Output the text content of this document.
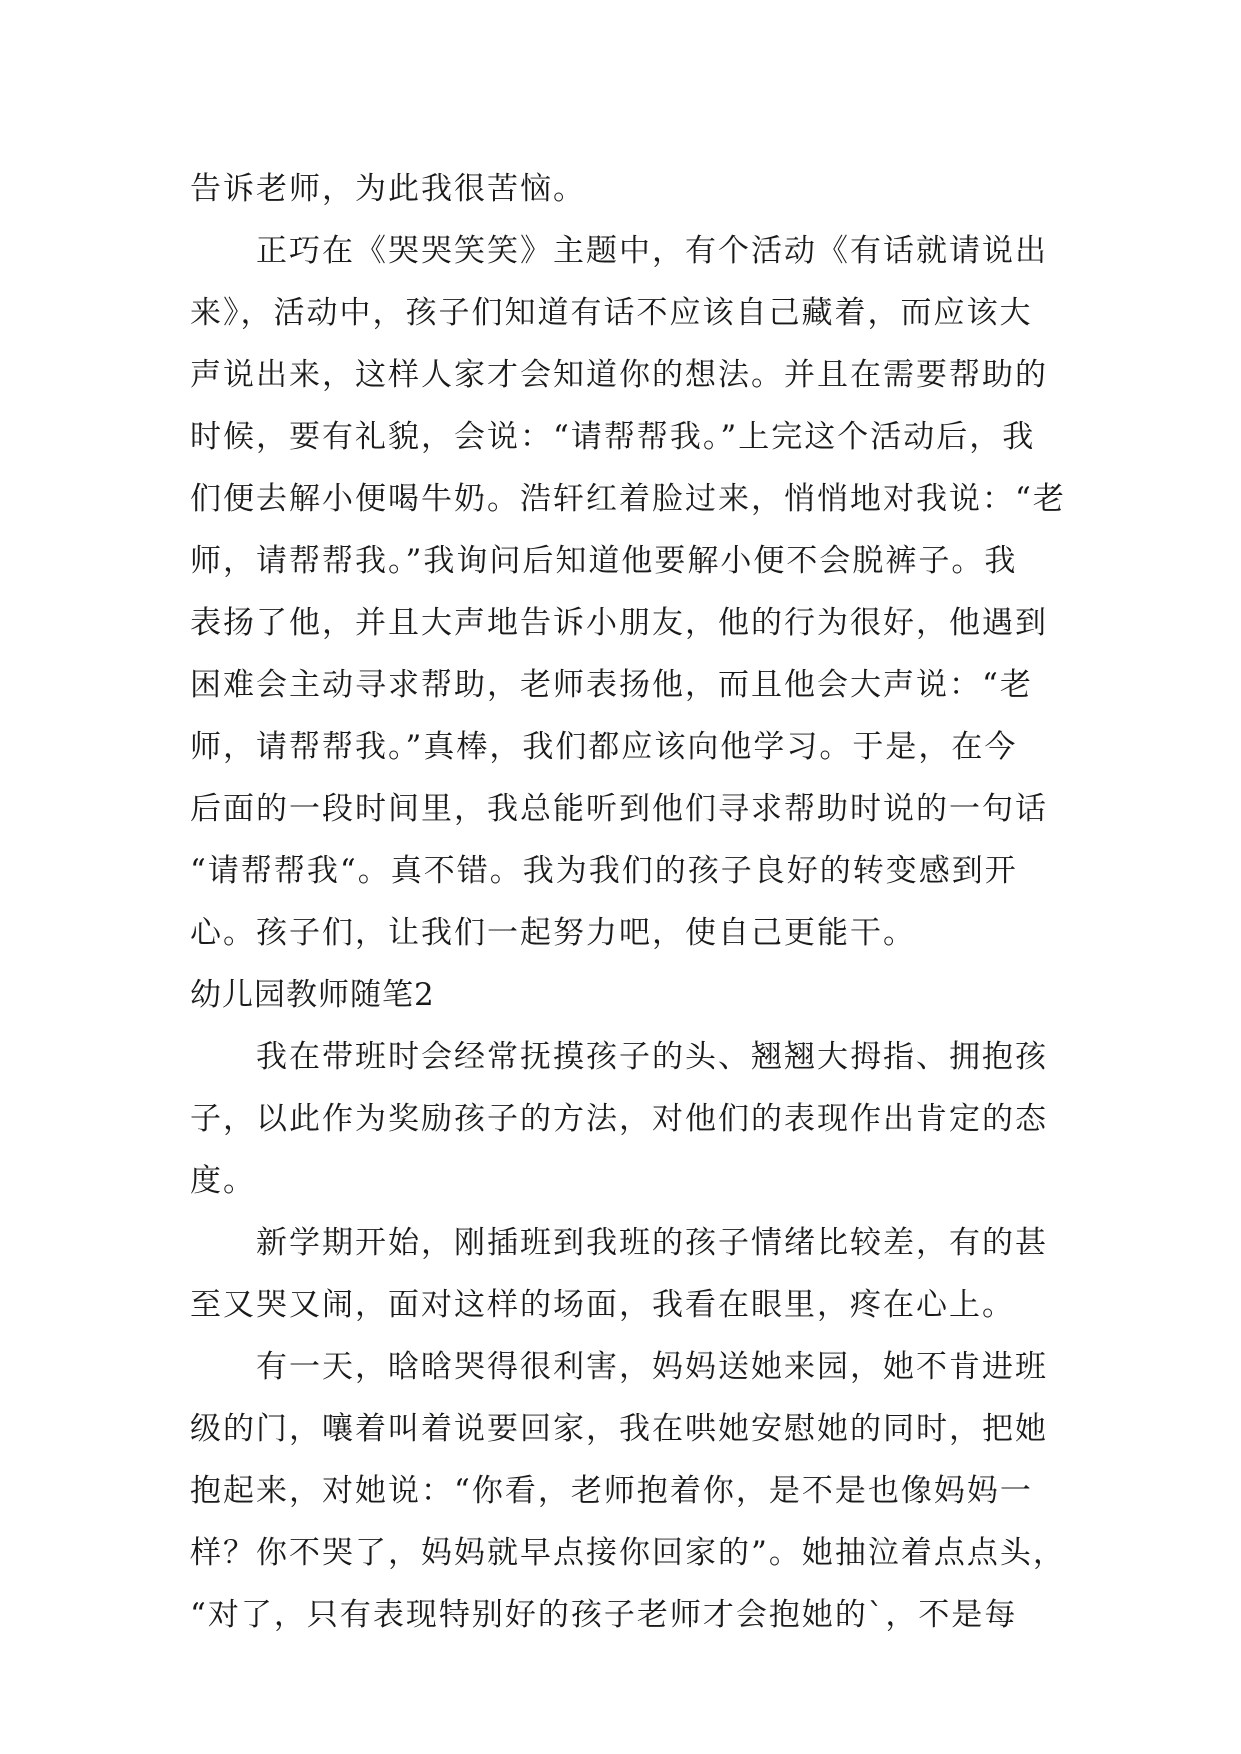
告诉老师，为此我很苦恼。
正巧在《哭哭笑笑》主题中，有个活动《有话就请说出
来》，活动中，孩子们知道有话不应该自己藏着，而应该大
声说出来，这样人家才会知道你的想法。并且在需要帮助的
时候，要有礼貌，会说：“请帮帮我。”上完这个活动后，我
们便去解小便喝牛奶。浩轩红着脸过来，悄悄地对我说：“老
师，请帮帮我。”我询问后知道他要解小便不会脱裤子。我
表扬了他，并且大声地告诉小朋友，他的行为很好，他遇到
困难会主动寻求帮助，老师表扬他，而且他会大声说：“老
师，请帮帮我。”真棒，我们都应该向他学习。于是，在今
后面的一段时间里，我总能听到他们寻求帮助时说的一句话
“请帮帮我“。真不错。我为我们的孩子良好的转变感到开
心。孩子们，让我们一起努力吧，使自己更能干。
幼儿园教师随笔2
我在带班时会经常抚摸孩子的头、翘翘大拇指、拥抱孩
子，以此作为奖励孩子的方法，对他们的表现作出肯定的态
度。
新学期开始，刚插班到我班的孩子情绪比较差，有的甚
至又哭又闹，面对这样的场面，我看在眼里，疼在心上。
有一天，晗晗哭得很利害，妈妈送她来园，她不肯进班
级的门，嚷着叫着说要回家，我在哄她安慰她的同时，把她
抱起来，对她说：“你看，老师抱着你，是不是也像妈妈一
样？你不哭了，妈妈就早点接你回家的”。她抽泣着点点头，
“对了，只有表现特别好的孩子老师才会抱她的`，不是每
